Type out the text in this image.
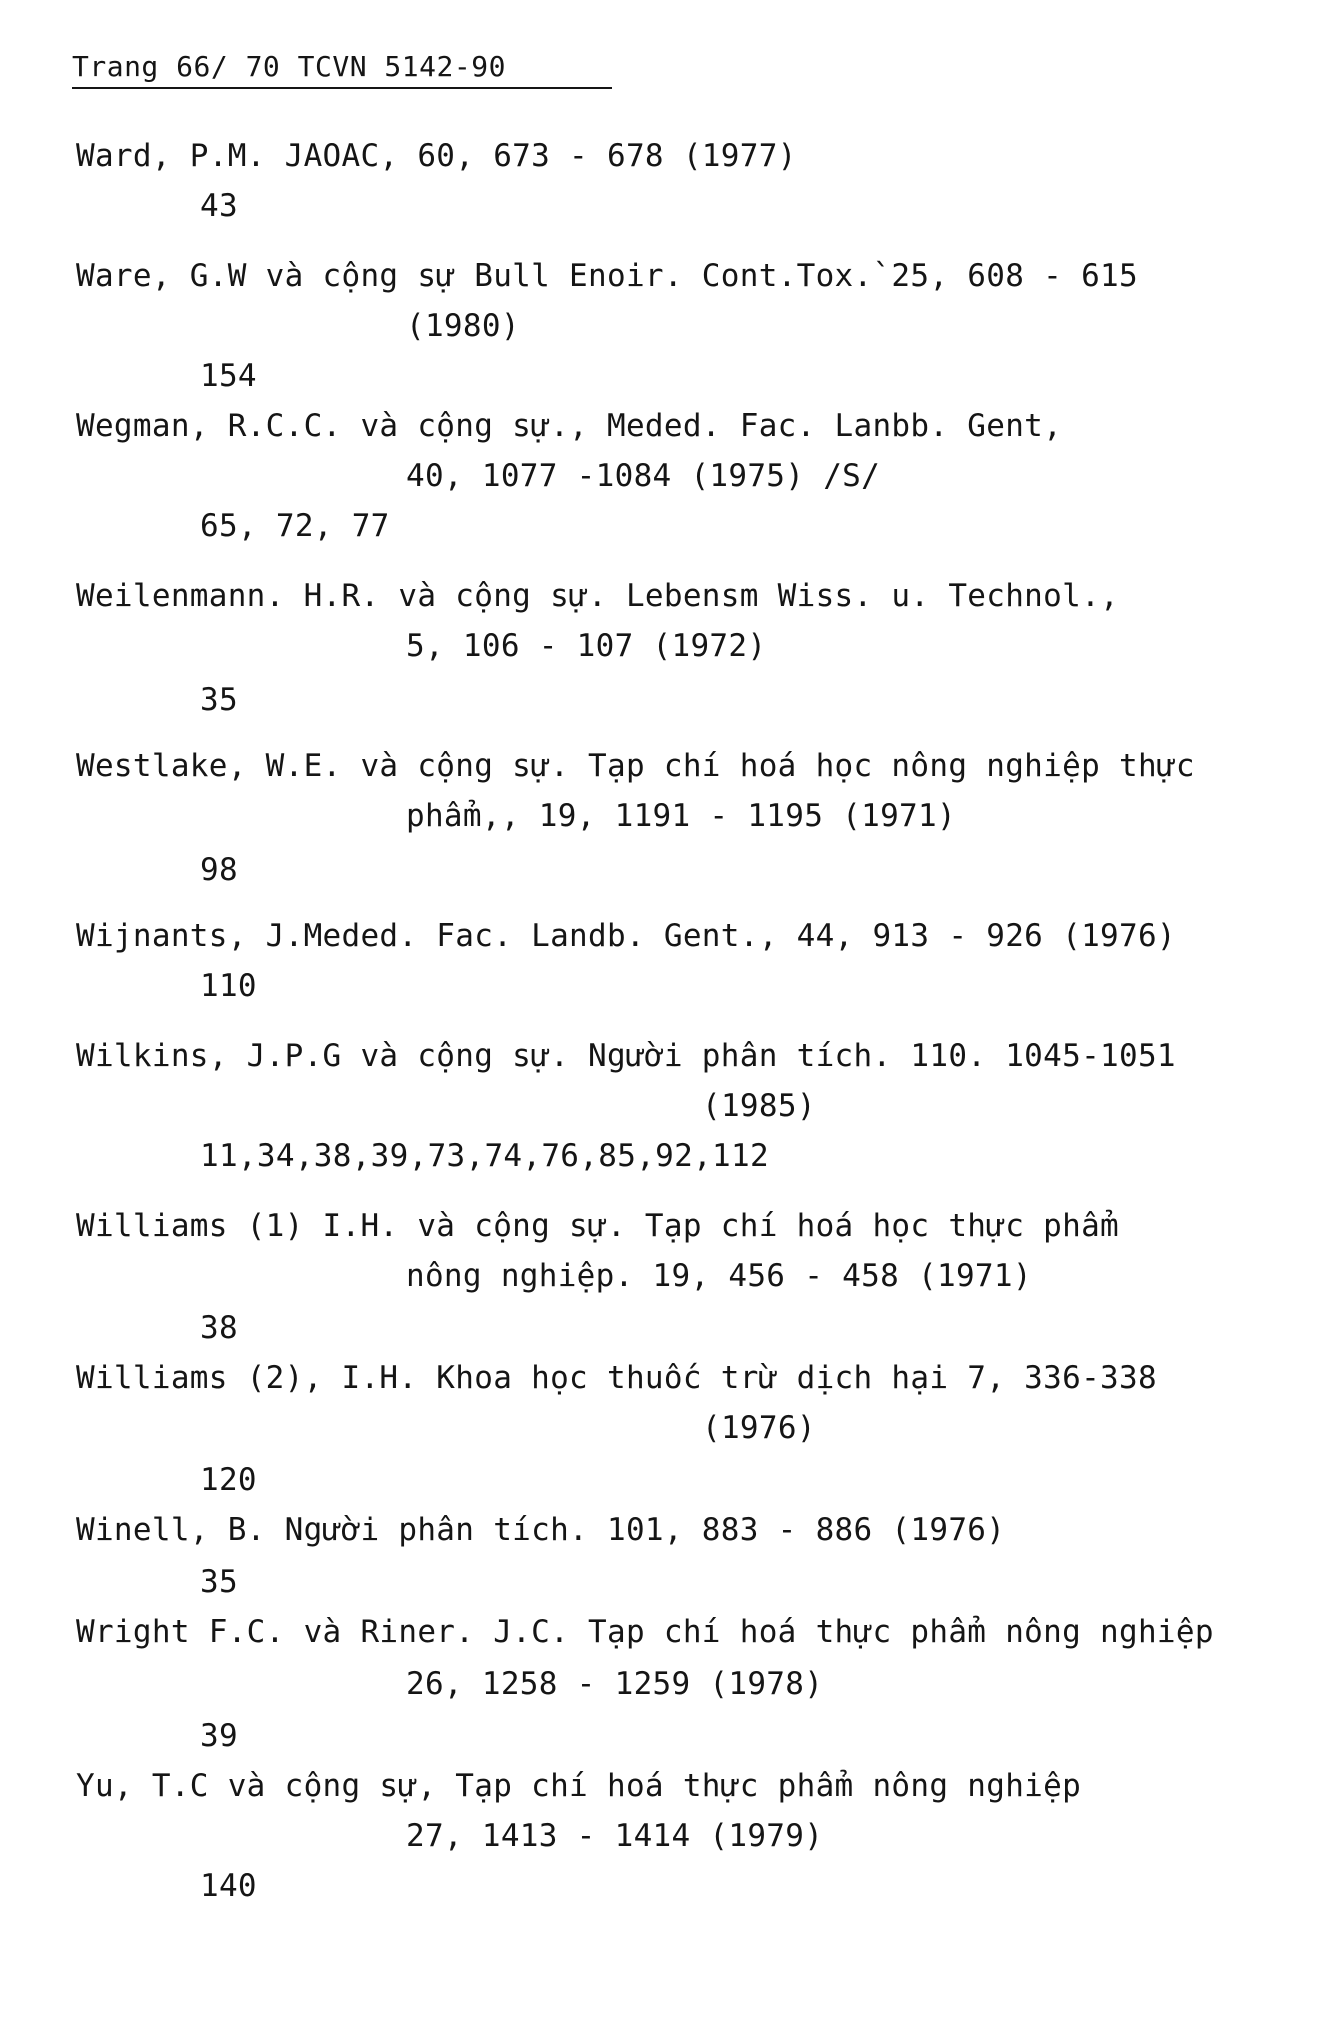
Trang 66/ 70 TCVN 5142-90
Ward, P.M. JAOAC, 60, 673 - 678 (1977)
43
Ware, G.W và cộng sự Bull Enoir. Cont.Tox.`25, 608 - 615
(1980)
154
Wegman, R.C.C. và cộng sự., Meded. Fac. Lanbb. Gent,
40, 1077 -1084 (1975) /S/
65, 72, 77
Weilenmann. H.R. và cộng sự. Lebensm Wiss. u. Technol.,
5, 106 - 107 (1972)
35
Westlake, W.E. và cộng sự. Tạp chí hoá học nông nghiệp thực
phẩm,, 19, 1191 - 1195 (1971)
98
Wijnants, J.Meded. Fac. Landb. Gent., 44, 913 - 926 (1976)
110
Wilkins, J.P.G và cộng sự. Người phân tích. 110. 1045-1051
(1985)
11,34,38,39,73,74,76,85,92,112
Williams (1) I.H. và cộng sự. Tạp chí hoá học thực phẩm
nông nghiệp. 19, 456 - 458 (1971)
38
Williams (2), I.H. Khoa học thuốc trừ dịch hại 7, 336-338
(1976)
120
Winell, B. Người phân tích. 101, 883 - 886 (1976)
35
Wright F.C. và Riner. J.C. Tạp chí hoá thực phẩm nông nghiệp
26, 1258 - 1259 (1978)
39
Yu, T.C và cộng sự, Tạp chí hoá thực phẩm nông nghiệp
27, 1413 - 1414 (1979)
140
